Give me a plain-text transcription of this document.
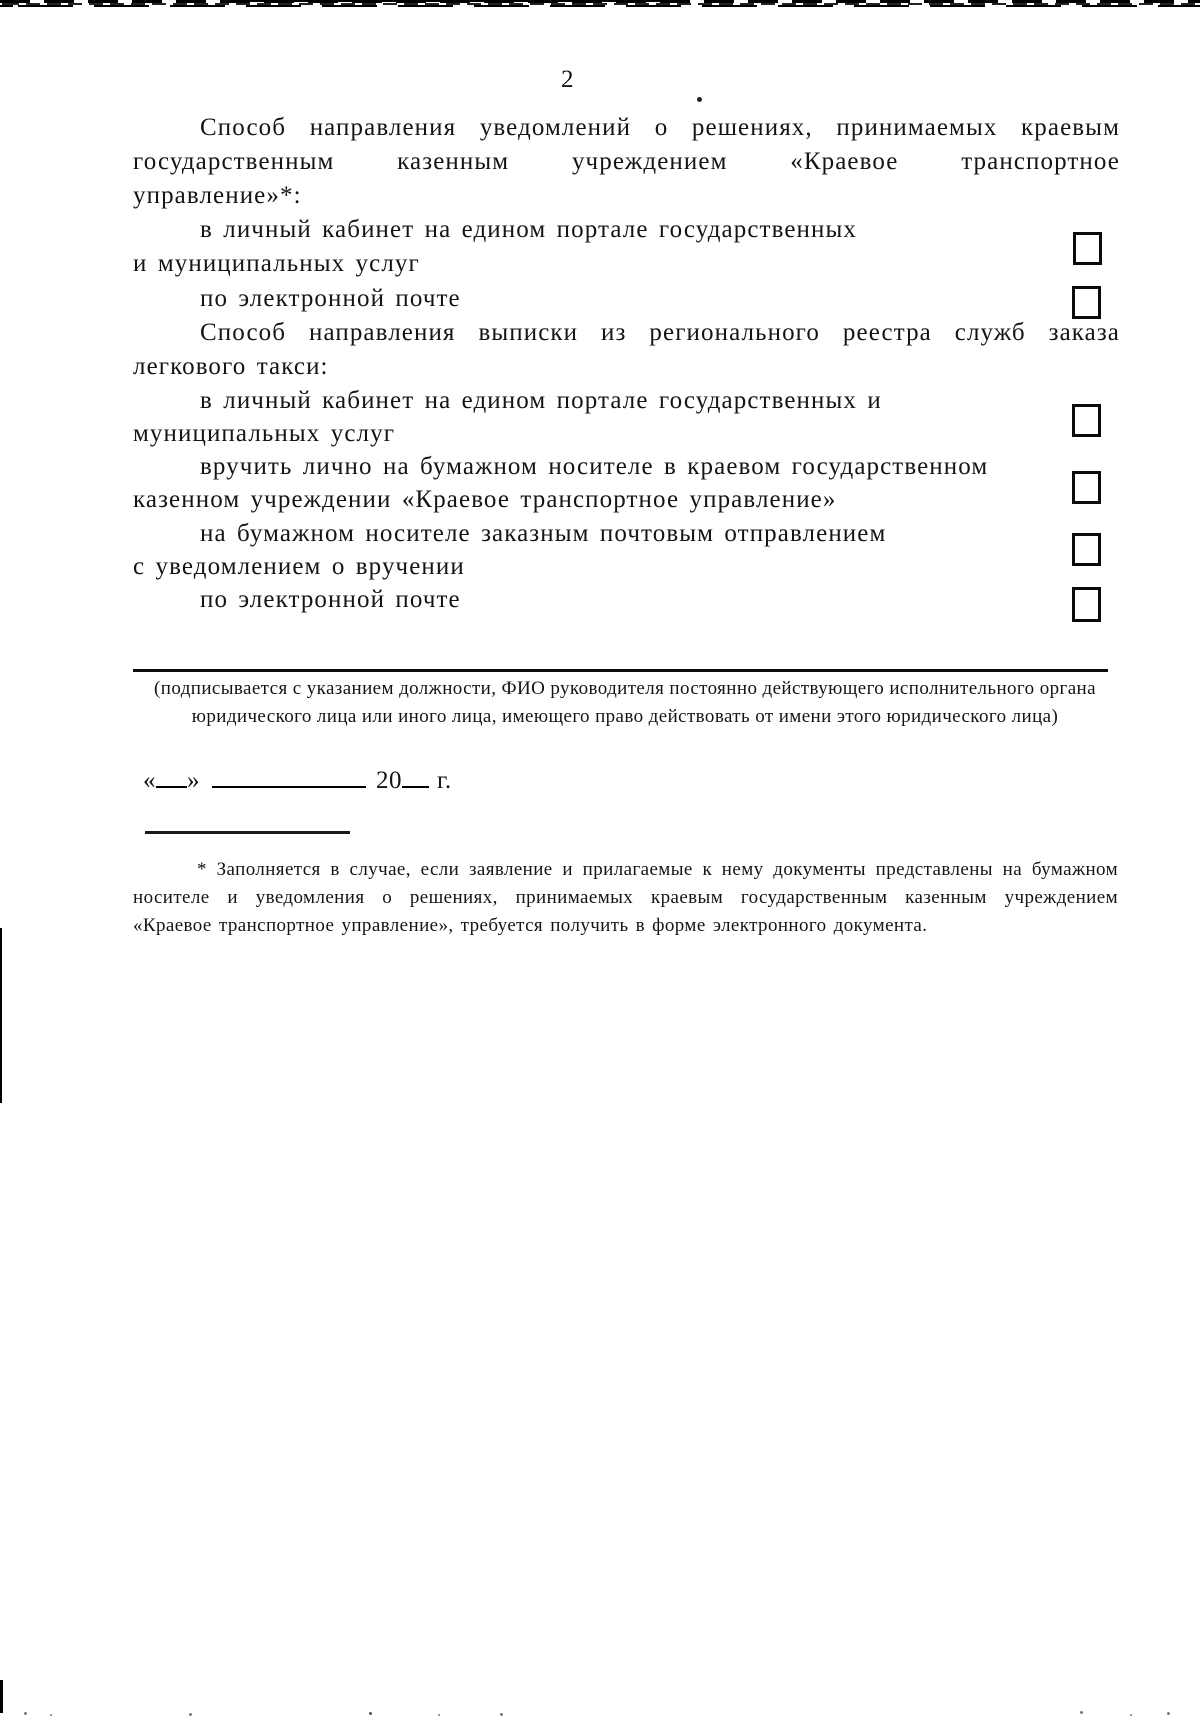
2
Способ направления уведомлений о решениях, принимаемых краевым
государственным казенным учреждением «Краевое транспортное
управление»*:
в личный кабинет на едином портале государственных
и муниципальных услуг
по электронной почте
Способ направления выписки из регионального реестра служб заказа
легкового такси:
в личный кабинет на едином портале государственных и
муниципальных услуг
вручить лично на бумажном носителе в краевом государственном
казенном учреждении «Краевое транспортное управление»
на бумажном носителе заказным почтовым отправлением
с уведомлением о вручении
по электронной почте
(подписывается с указанием должности, ФИО руководителя постоянно действующего исполнительного органа
юридического лица или иного лица, имеющего право действовать от имени этого юридического лица)
« »	20 г.
* Заполняется в случае, если заявление и прилагаемые к нему документы представлены на бумажном
носителе и уведомления о решениях, принимаемых краевым государственным казенным учреждением
«Краевое транспортное управление», требуется получить в форме электронного документа.
